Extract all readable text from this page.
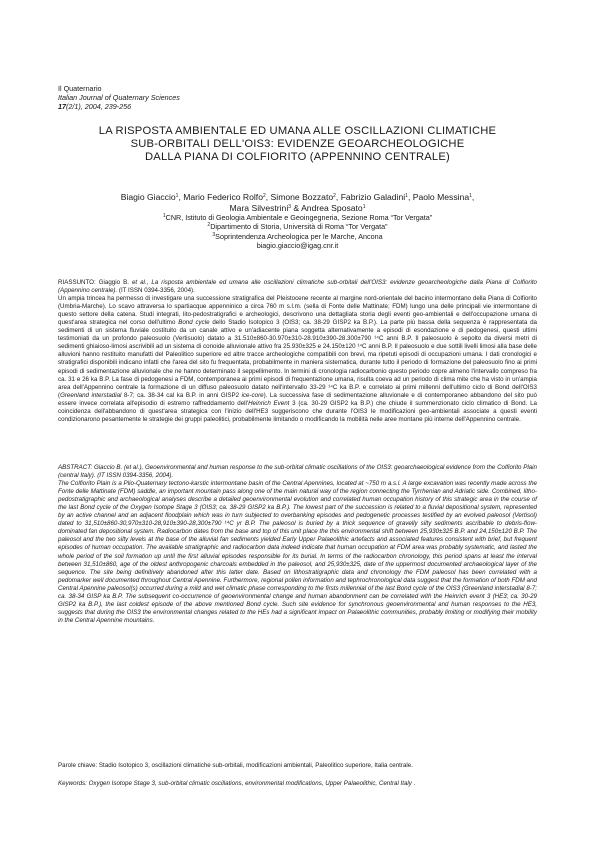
Il Quaternario
Italian Journal of Quaternary Sciences
17(2/1), 2004, 239-256
LA RISPOSTA AMBIENTALE ED UMANA ALLE OSCILLAZIONI CLIMATICHE
SUB-ORBITALI DELL'OIS3: EVIDENZE GEOARCHEOLOGICHE
DALLA PIANA DI COLFIORITO (APPENNINO CENTRALE)
Biagio Giaccio$^1$, Mario Federico Rolfo$^2$, Simone Bozzato$^2$, Fabrizio Galadini$^1$, Paolo Messina$^1$,
Mara Silvestrini$^3$ & Andrea Sposato$^1$
$^1$CNR, Istituto di Geologia Ambientale e Geoingegneria, Sezione Roma “Tor Vergata”
$^2$Dipartimento di Storia, Università di Roma “Tor Vergata”
$^3$Soprintendenza Archeologica per le Marche, Ancona
biagio.giaccio@igag.cnr.it

RIASSUNTO: Giaggio B. et al., La risposta ambientale ed umana alle oscillazioni climatiche sub-orbitali dell'OIS3: evidenze geoarcheologiche dalla Piana di Colfiorito (Appennino centrale). (IT ISSN 0394-3356, 2004).

Un ampia trincea ha permesso di investigare una successione stratigrafica del Pleistocene recente al margine nord-orientale del bacino intermontano della Piana di Colfiorito (Umbria-Marche). Lo scavo attraversa lo spartiacque appenninico a circa 760 m s.l.m. (sella di Fonte delle Mattinate; FDM) lungo una delle principali vie intermontane di questo settore della catena. Studi integrati, lito-pedostratigrafici e archeologici, descrivono una dettagliata storia degli eventi geo-ambientali e dell'occupazione umana di quest'area strategica nel corso dell'ultimo Bond cycle dello Stadio Isotopico 3 (OIS3; ca. 38-29 GISP2 ka B.P.). La parte più bassa della sequenza è rappresentata da sedimenti di un sistema fluviale costituito da un canale attivo e un'adiacente piana soggetta alternativamente a episodi di esondazione e di pedogenesi, questi ultimi testimoniati da un profondo paleosuolo (Vertisuolo) datato a 31.510±860-30.970±310-28.910±390-28.300±790 ¹⁴C anni B.P. Il paleosuolo è sepolto da diversi metri di sedimenti ghiaioso-limosi ascrivibili ad un sistema di conoide alluvionale attivo fra 25.930±325 e 24.150±120 ¹⁴C anni B.P. Il paleosuolo e due sottili livelli limosi alla base delle alluvioni hanno restituito manufatti del Paleolitico superiore ed altre tracce archeologiche compatibili con brevi, ma ripetuti episodi di occupazioni umana. I dati cronologici e stratigrafici disponibili indicano infatti che l'area del sito fu frequentata, probabilmente in maniera sistematica, durante tutto il periodo di formazione del paleosuolo fino ai primi episodi di sedimentazione alluvionale che ne hanno determinato il seppellimento. In termini di cronologia radiocarbonio questo periodo copre almeno l'intervallo compreso fra ca. 31 e 26 ka B.P. La fase di pedogenesi a FDM, contemporanea ai primi episodi di frequentazione umana, risulta coeva ad un periodo di clima mite che ha visto in un'ampia area dell'Appennino centrale la formazione di un diffuso paleosuolo datato nell'intervallo 33-29 ¹⁴C ka B.P. e correlato ai primi millenni dell'ultimo ciclo di Bond dell'OIS3 (Greenland interstadial 8-7; ca. 38-34 cal ka B.P. in anni GISP2 ice-core). La successiva fase di sedimentazione alluvionale e di contemporaneo abbandono del sito può essere invece correlata all'episodio di estremo raffreddamento dell'Heinrich Event 3 (ca. 30-29 GISP2 ka B.P.) che chiude il summenzionato ciclo climatico di Bond. La coincidenza dell'abbandono di quest'area strategica con l'inizio dell'HE3 suggeriscono che durante l'OIS3 le modificazioni geo-ambientali associate a questi eventi condizionarono pesantemente le strategie dei gruppi paleolitici, probabilmente limitando o modificando la mobilità nelle aree montane più interne dell'Appennino centrale.

ABSTRACT: Giaccio B. (et al.), Geoenvironmental and human response to the sub-orbital climatic oscillations of the OIS3: geoarchaeological evidence from the Colfiorito Plain (central Italy). (IT ISSN 0394-3356, 2004).

The Colfiorito Plain is a Plio-Quaternary tectono-karstic intermontane basin of the Central Apennines, located at ~750 m a.s.l. A large excavation was recently made across the Fonte delle Mattinate (FDM) saddle, an important mountain pass along one of the main natural way of the region connecting the Tyrrhenian and Adriatic side. Combined, litho-pedostratigraphic and archaeological analyses describe a detailed geoenvironmental evolution and correlated human occupation history of this strategic area in the course of the last Bond cycle of the Oxygen Isotope Stage 3 (OIS3; ca. 38-29 GISP2 ka B.P.). The lowest part of the succession is related to a fluvial depositional system, represented by an active channel and an adjacent floodplain which was in turn subjected to overbanking episodes and pedogenetic processes testified by an evolved paleosol (Vertisol) dated to 31,510±860-30,970±310-28,910±390-28,300±790 ¹⁴C yr B.P. The paleosol is buried by a thick sequence of gravelly silty sediments ascribable to debris-flow-dominated fan depositional system. Radiocarbon dates from the base and top of this unit place the this environmental shift between 25,930±325 B.P. and 24,150±120 B.P. The paleosol and the two silty levels at the base of the alluvial fan sediments yielded Early Upper Palaeolithic artefacts and associated features consistent with brief, but frequent episodes of human occupation. The available stratigraphic and radiocarbon data indeed indicate that human occupation at FDM area was probably systematic, and lasted the whole period of the soil formation up until the first alluvial episodes responsible for its burial. In terms of the radiocarbon chronology, this period spans at least the interval between 31,510±860, age of the oldest anthropogenic charcoals embedded in the paleosol, and 25,930±325, date of the uppermost documented archaeological layer of the sequence. The site being definitively abandoned after this latter date. Based on lithostratigraphic data and chronology the FDM paleosol has been correlated with a pedomarker well documented throughout Central Apennine. Furthermore, regional pollen information and tephrochronological data suggest that the formation of both FDM and Central Apennine paleosol(s) occurred during a mild and wet climatic phase corresponding to the firsts millennial of the last Bond cycle of the OIS3 (Greenland interstadial 8-7; ca. 38-34 GISP ka B.P. The subsequent co-occurrence of geoenvironmental change and human abandonment can be correlated with the Heinrich event 3 (HE3; ca. 30-29 GISP2 ka B.P.), the last coldest episode of the above mentioned Bond cycle. Such site evidence for synchronous geoenvironmental and human responses to the HE3, suggests that during the OIS3 the environmental changes related to the HEs had a significant impact on Palaeolithic communities, probably limiting or modifying their mobility in the Central Apennine mountains.

Parole chiave: Stadio Isotopico 3, oscillazioni climatiche sub-orbitali, modificazioni ambientali, Paleolitico superiore, Italia centrale.
Keywords: Oxygen Isotope Stage 3, sub-orbital climatic oscillations, environmental modifications, Upper Palaeolithic, Central Italy .
